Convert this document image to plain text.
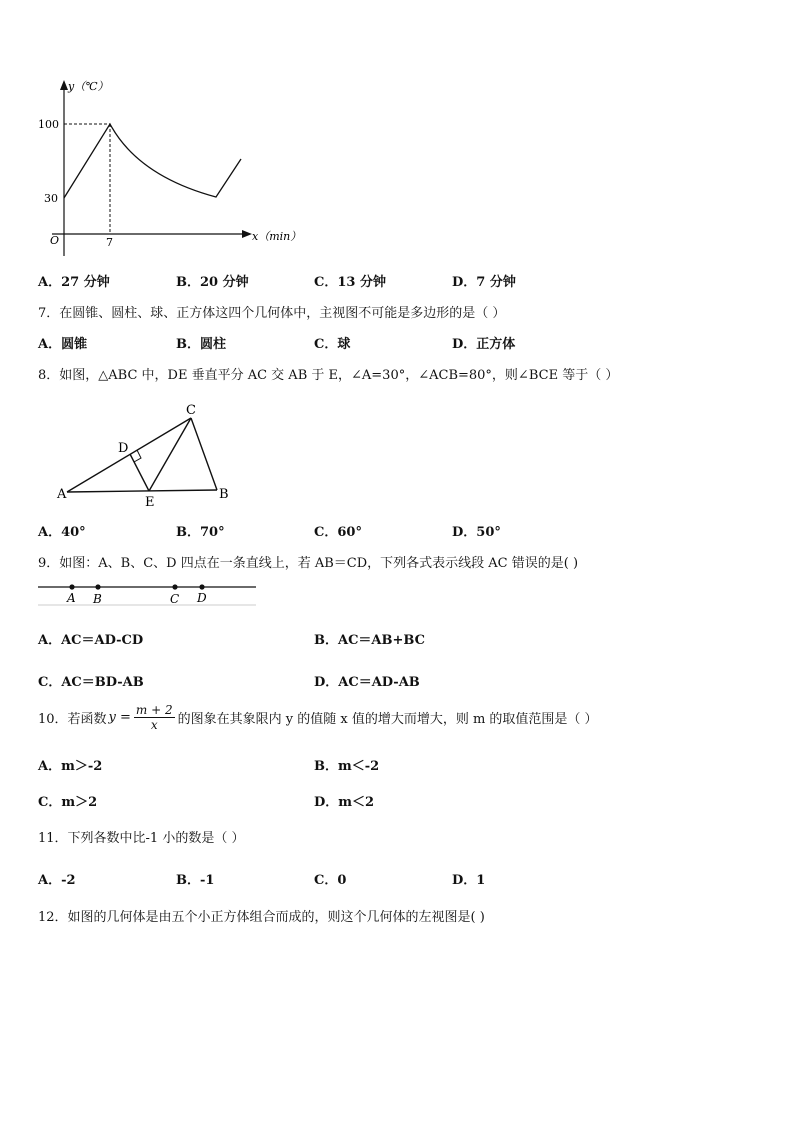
y（℃）
100
30
O	7	x（min）
A．27 分钟	B．20 分钟	C．13 分钟	D．7 分钟
7．在圆锥、圆柱、球、正方体这四个几何体中，主视图不可能是多边形的是（ ）
A．圆锥	B．圆柱	C．球	D．正方体
8．如图，△ABC 中，DE 垂直平分 AC 交 AB 于 E，∠A=30°，∠ACB=80°，则∠BCE 等于（ ）
A	B
C
D
E
A．40°	B．70°	C．60°	D．50°
9．如图：A、B、C、D 四点在一条直线上，若 AB＝CD，下列各式表示线段 AC 错误的是( )
A B	C D
A．AC＝AD-CD	B．AC＝AB+BC
C．AC＝BD-AB	D．AC＝AD-AB
10．若函数 $y = \frac{m + 2}{x}$ 的图象在其象限内 y 的值随 x 值的增大而增大，则 m 的取值范围是（ ）
A．m＞-2	B．m＜-2
C．m＞2	D．m＜2
11．下列各数中比-1 小的数是（ ）
A．-2	B．-1	C．0	D．1
12．如图的几何体是由五个小正方体组合而成的，则这个几何体的左视图是( )
